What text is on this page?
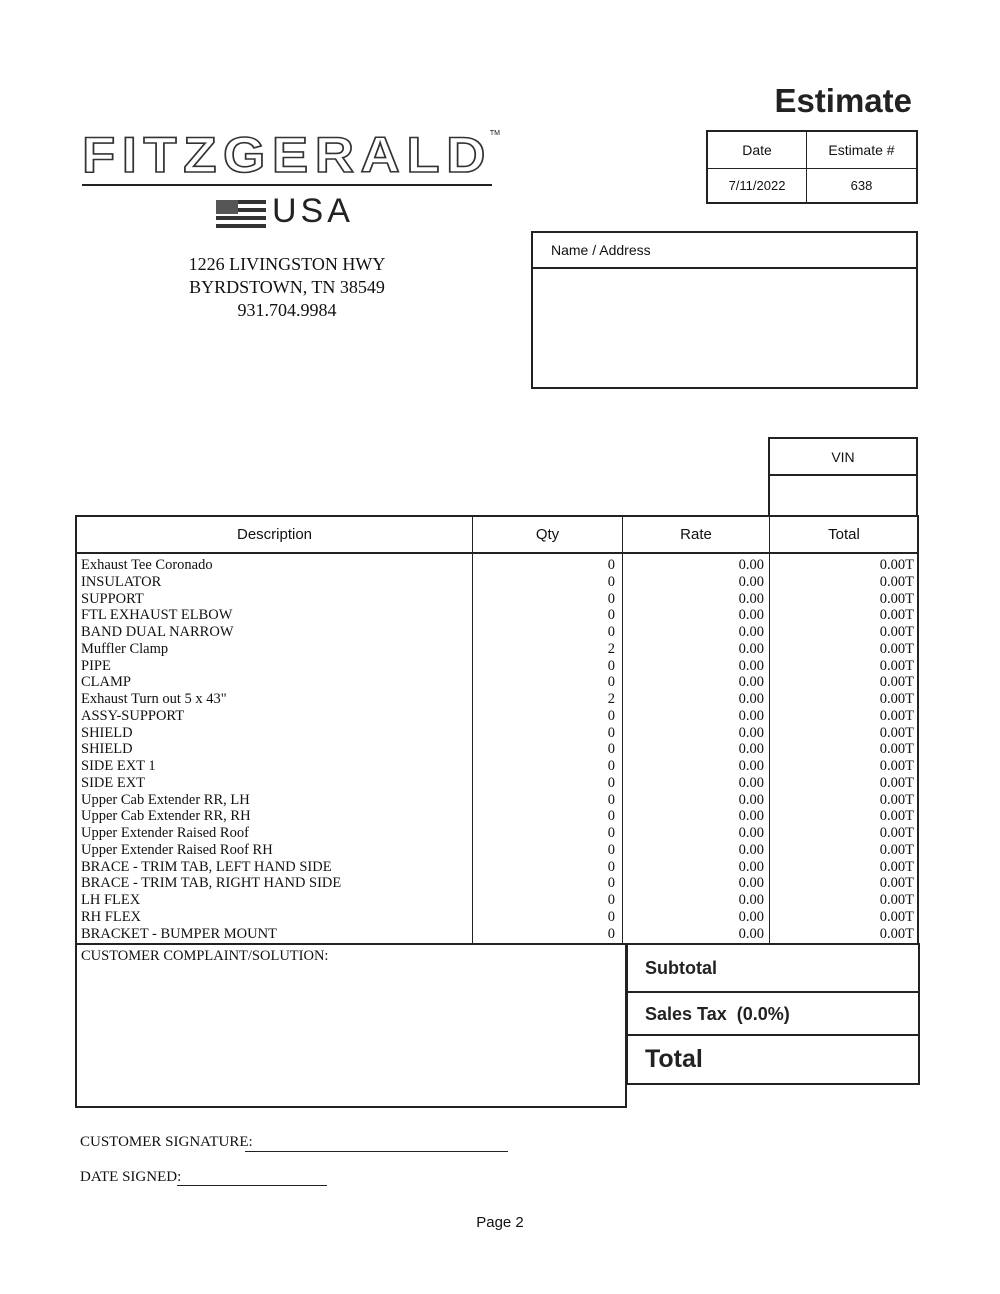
Estimate
FITZGERALD
TM
USA
1226 LIVINGSTON HWY
BYRDSTOWN, TN 38549
931.704.9984
Date	Estimate #
7/11/2022	638
Name / Address
VIN
Description	Qty	Rate	Total
Exhaust Tee Coronado	0	0.00	0.00T
INSULATOR	0	0.00	0.00T
SUPPORT	0	0.00	0.00T
FTL EXHAUST ELBOW	0	0.00	0.00T
BAND DUAL NARROW	0	0.00	0.00T
Muffler Clamp	2	0.00	0.00T
PIPE	0	0.00	0.00T
CLAMP	0	0.00	0.00T
Exhaust Turn out 5 x 43"	2	0.00	0.00T
ASSY-SUPPORT	0	0.00	0.00T
SHIELD	0	0.00	0.00T
SHIELD	0	0.00	0.00T
SIDE EXT 1	0	0.00	0.00T
SIDE EXT	0	0.00	0.00T
Upper Cab Extender RR, LH	0	0.00	0.00T
Upper Cab Extender RR, RH	0	0.00	0.00T
Upper Extender Raised Roof	0	0.00	0.00T
Upper Extender Raised Roof RH	0	0.00	0.00T
BRACE - TRIM TAB, LEFT HAND SIDE	0	0.00	0.00T
BRACE - TRIM TAB, RIGHT HAND SIDE	0	0.00	0.00T
LH FLEX	0	0.00	0.00T
RH FLEX	0	0.00	0.00T
BRACKET - BUMPER MOUNT	0	0.00	0.00T
CUSTOMER COMPLAINT/SOLUTION:
Subtotal
Sales Tax  (0.0%)
Total
CUSTOMER SIGNATURE:
DATE SIGNED:
Page 2
